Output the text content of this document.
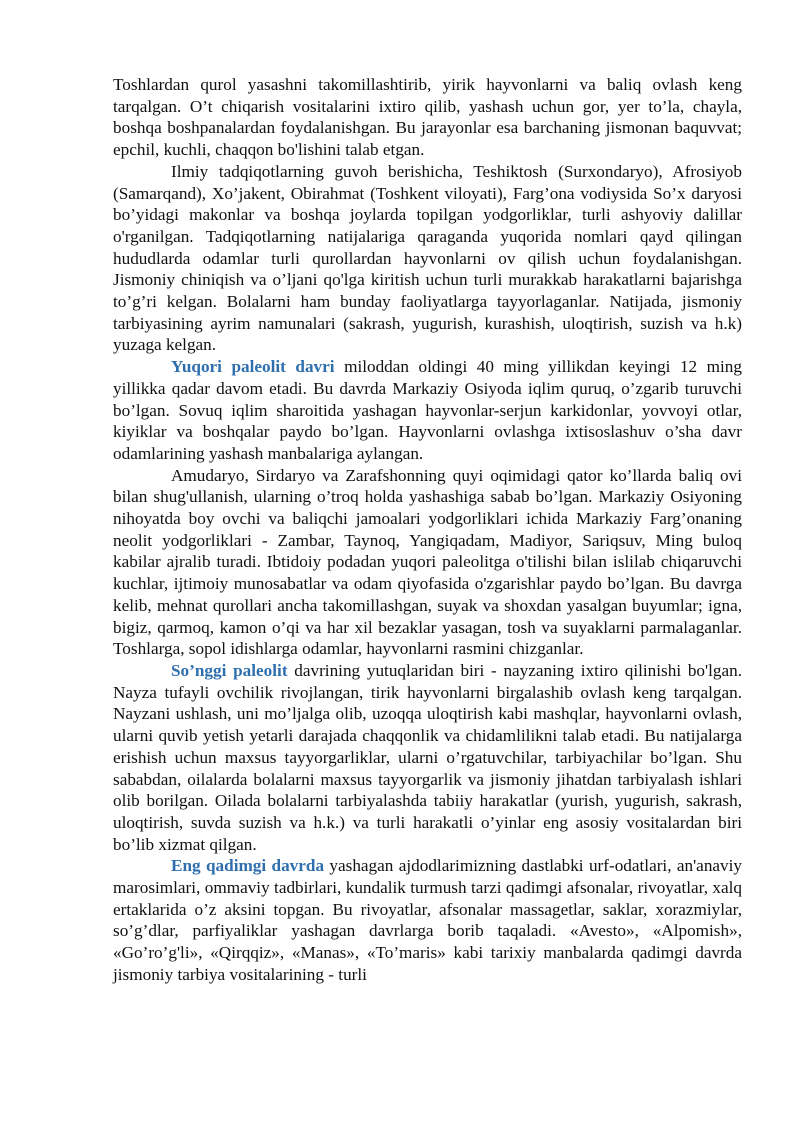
Toshlardan qurol yasashni takomillashtirib, yirik hayvonlarni va baliq ovlash keng tarqalgan. O’t chiqarish vositalarini ixtiro qilib, yashash uchun gor, yer to’la, chayla, boshqa boshpanalardan foydalanishgan. Bu jarayonlar esa barchaning jismonan baquvvat; epchil, kuchli, chaqqon bo'lishini talab etgan.

Ilmiy tadqiqotlarning guvoh berishicha, Teshiktosh (Surxondaryo), Afrosiyob (Samarqand), Xo’jakent, Obirahmat (Toshkent viloyati), Farg’ona vodiysida So’x daryosi bo’yidagi makonlar va boshqa joylarda topilgan yodgorliklar, turli ashyoviy dalillar o'rganilgan. Tadqiqotlarning natijalariga qaraganda yuqorida nomlari qayd qilingan hududlarda odamlar turli qurollardan hayvonlarni ov qilish uchun foydalanishgan. Jismoniy chiniqish va o’ljani qo'lga kiritish uchun turli murakkab harakatlarni bajarishga to’g’ri kelgan. Bolalarni ham bunday faoliyatlarga tayyorlaganlar. Natijada, jismoniy tarbiyasining ayrim namunalari (sakrash, yugurish, kurashish, uloqtirish, suzish va h.k) yuzaga kelgan.

Yuqori paleolit davri miloddan oldingi 40 ming yillikdan keyingi 12 ming yillikka qadar davom etadi. Bu davrda Markaziy Osiyoda iqlim quruq, o’zgarib turuvchi bo’lgan. Sovuq iqlim sharoitida yashagan hayvonlar-serjun karkidonlar, yovvoyi otlar, kiyiklar va boshqalar paydo bo’lgan. Hayvonlarni ovlashga ixtisoslashuv o’sha davr odamlarining yashash manbalariga aylangan.

Amudaryo, Sirdaryo va Zarafshonning quyi oqimidagi qator ko’llarda baliq ovi bilan shug'ullanish, ularning o’troq holda yashashiga sabab bo’lgan. Markaziy Osiyoning nihoyatda boy ovchi va baliqchi jamoalari yodgorliklari ichida Markaziy Farg’onaning neolit yodgorliklari - Zambar, Taynoq, Yangiqadam, Madiyor, Sariqsuv, Ming buloq kabilar ajralib turadi. Ibtidoiy podadan yuqori paleolitga o'tilishi bilan islilab chiqaruvchi kuchlar, ijtimoiy munosabatlar va odam qiyofasida o'zgarishlar paydo bo’lgan. Bu davrga kelib, mehnat qurollari ancha takomillashgan, suyak va shoxdan yasalgan buyumlar; igna, bigiz, qarmoq, kamon o’qi va har xil bezaklar yasagan, tosh va suyaklarni parmalaganlar. Toshlarga, sopol idishlarga odamlar, hayvonlarni rasmini chizganlar.

So’nggi paleolit davrining yutuqlaridan biri - nayzaning ixtiro qilinishi bo'lgan. Nayza tufayli ovchilik rivojlangan, tirik hayvonlarni birgalashib ovlash keng tarqalgan. Nayzani ushlash, uni mo’ljalga olib, uzoqqa uloqtirish kabi mashqlar, hayvonlarni ovlash, ularni quvib yetish yetarli darajada chaqqonlik va chidamlilikni talab etadi. Bu natijalarga erishish uchun maxsus tayyorgarliklar, ularni o’rgatuvchilar, tarbiyachilar bo’lgan. Shu sababdan, oilalarda bolalarni maxsus tayyorgarlik va jismoniy jihatdan tarbiyalash ishlari olib borilgan. Oilada bolalarni tarbiyalashda tabiiy harakatlar (yurish, yugurish, sakrash, uloqtirish, suvda suzish va h.k.) va turli harakatli o’yinlar eng asosiy vositalardan biri bo’lib xizmat qilgan.

Eng qadimgi davrda yashagan ajdodlarimizning dastlabki urf-odatlari, an'anaviy marosimlari, ommaviy tadbirlari, kundalik turmush tarzi qadimgi afsonalar, rivoyatlar, xalq ertaklarida o’z aksini topgan. Bu rivoyatlar, afsonalar massagetlar, saklar, xorazmiylar, so’g’dlar, parfiyaliklar yashagan davrlarga borib taqaladi. «Avesto», «Alpomish», «Go’ro’g'li», «Qirqqiz», «Manas», «To’maris» kabi tarixiy manbalarda qadimgi davrda jismoniy tarbiya vositalarining - turli
